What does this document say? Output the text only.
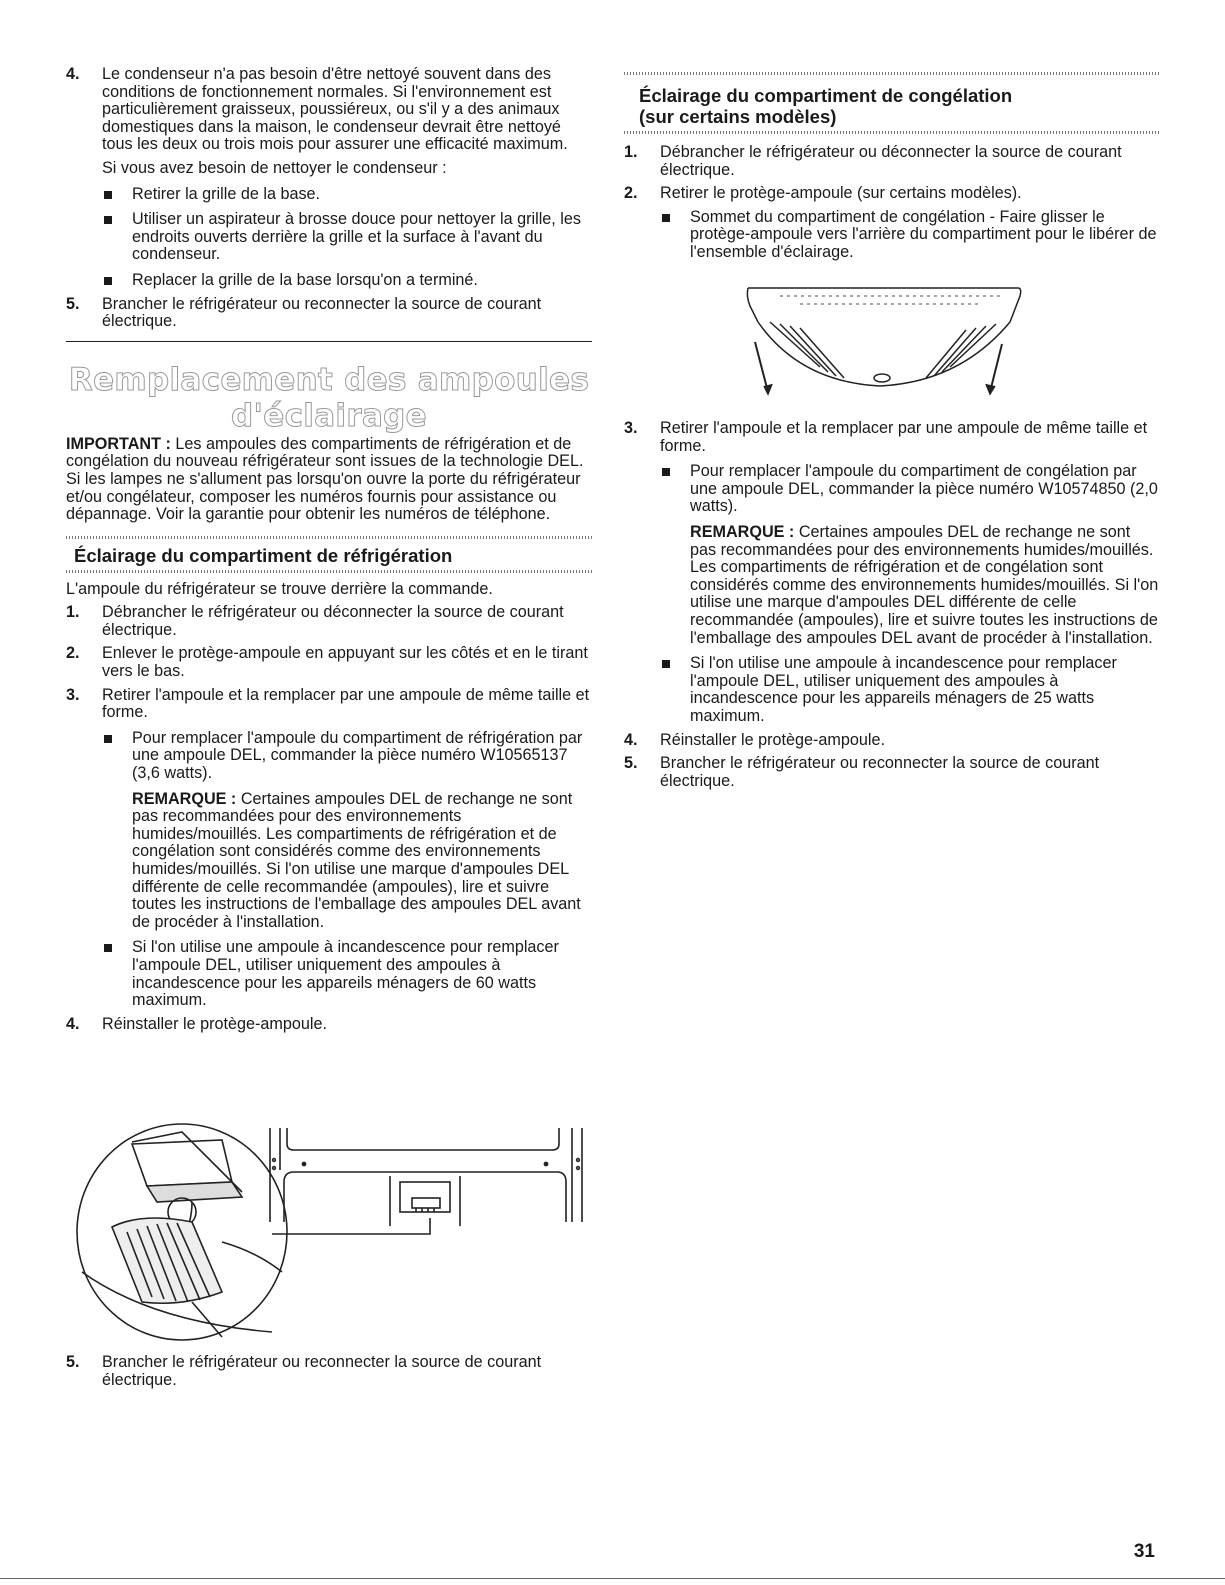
4. Le condenseur n'a pas besoin d'être nettoyé souvent dans des conditions de fonctionnement normales. Si l'environnement est particulièrement graisseux, poussiéreux, ou s'il y a des animaux domestiques dans la maison, le condenseur devrait être nettoyé tous les deux ou trois mois pour assurer une efficacité maximum.

Si vous avez besoin de nettoyer le condenseur :

Retirer la grille de la base.

Utiliser un aspirateur à brosse douce pour nettoyer la grille, les endroits ouverts derrière la grille et la surface à l'avant du condenseur.

Replacer la grille de la base lorsqu'on a terminé.

5. Brancher le réfrigérateur ou reconnecter la source de courant électrique.

Remplacement des ampoules

d'éclairage

IMPORTANT : Les ampoules des compartiments de réfrigération et de congélation du nouveau réfrigérateur sont issues de la technologie DEL. Si les lampes ne s'allument pas lorsqu'on ouvre la porte du réfrigérateur et/ou congélateur, composer les numéros fournis pour assistance ou dépannage. Voir la garantie pour obtenir les numéros de téléphone.

Éclairage du compartiment de réfrigération

L'ampoule du réfrigérateur se trouve derrière la commande.

1. Débrancher le réfrigérateur ou déconnecter la source de courant électrique.

2. Enlever le protège-ampoule en appuyant sur les côtés et en le tirant vers le bas.

3. Retirer l'ampoule et la remplacer par une ampoule de même taille et forme.

Pour remplacer l'ampoule du compartiment de réfrigération par une ampoule DEL, commander la pièce numéro W10565137 (3,6 watts).

REMARQUE : Certaines ampoules DEL de rechange ne sont pas recommandées pour des environnements humides/mouillés. Les compartiments de réfrigération et de congélation sont considérés comme des environnements humides/mouillés. Si l'on utilise une marque d'ampoules DEL différente de celle recommandée (ampoules), lire et suivre toutes les instructions de l'emballage des ampoules DEL avant de procéder à l'installation.

Si l'on utilise une ampoule à incandescence pour remplacer l'ampoule DEL, utiliser uniquement des ampoules à incandescence pour les appareils ménagers de 60 watts maximum.

4. Réinstaller le protège-ampoule.

5. Brancher le réfrigérateur ou reconnecter la source de courant électrique.

Éclairage du compartiment de congélation

(sur certains modèles)

1. Débrancher le réfrigérateur ou déconnecter la source de courant électrique.

2. Retirer le protège-ampoule (sur certains modèles).

Sommet du compartiment de congélation - Faire glisser le protège-ampoule vers l'arrière du compartiment pour le libérer de l'ensemble d'éclairage.

3. Retirer l'ampoule et la remplacer par une ampoule de même taille et forme.

Pour remplacer l'ampoule du compartiment de congélation par une ampoule DEL, commander la pièce numéro W10574850 (2,0 watts).

REMARQUE : Certaines ampoules DEL de rechange ne sont pas recommandées pour des environnements humides/mouillés. Les compartiments de réfrigération et de congélation sont considérés comme des environnements humides/mouillés. Si l'on utilise une marque d'ampoules DEL différente de celle recommandée (ampoules), lire et suivre toutes les instructions de l'emballage des ampoules DEL avant de procéder à l'installation.

Si l'on utilise une ampoule à incandescence pour remplacer l'ampoule DEL, utiliser uniquement des ampoules à incandescence pour les appareils ménagers de 25 watts maximum.

4. Réinstaller le protège-ampoule.

5. Brancher le réfrigérateur ou reconnecter la source de courant électrique.

31
